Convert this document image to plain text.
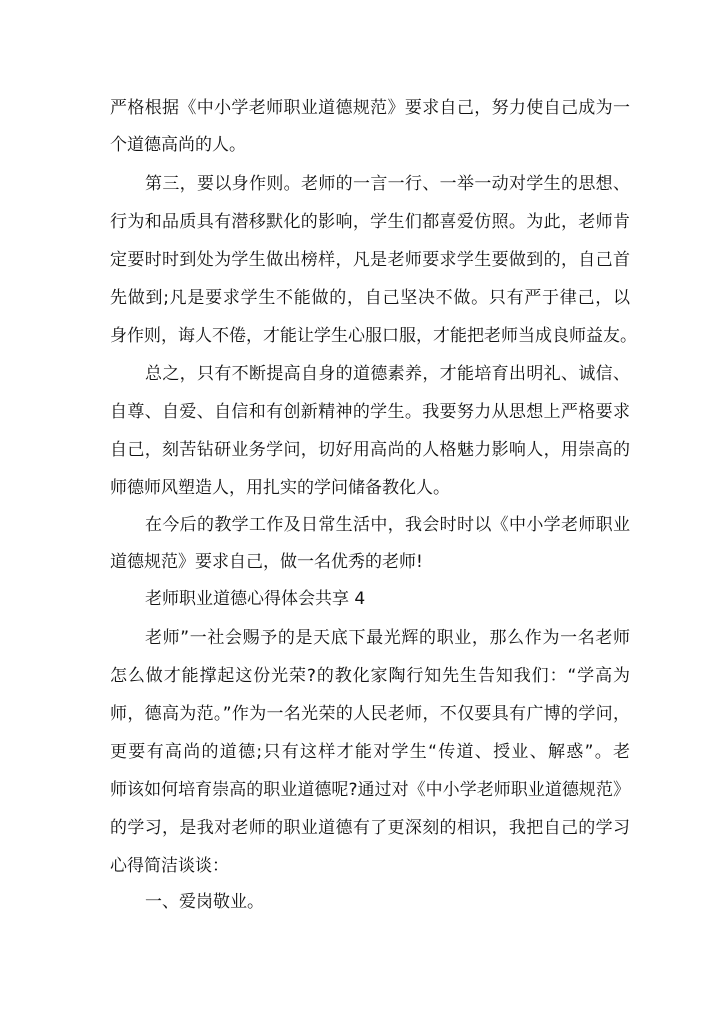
严格根据《中小学老师职业道德规范》要求自己，努力使自己成为一
个道德高尚的人。
第三，要以身作则。老师的一言一行、一举一动对学生的思想、
行为和品质具有潜移默化的影响，学生们都喜爱仿照。为此，老师肯
定要时时到处为学生做出榜样，凡是老师要求学生要做到的，自己首
先做到;凡是要求学生不能做的，自己坚决不做。只有严于律己，以
身作则，诲人不倦，才能让学生心服口服，才能把老师当成良师益友。
总之，只有不断提高自身的道德素养，才能培育出明礼、诚信、
自尊、自爱、自信和有创新精神的学生。我要努力从思想上严格要求
自己，刻苦钻研业务学问，切好用高尚的人格魅力影响人，用崇高的
师德师风塑造人，用扎实的学问储备教化人。
在今后的教学工作及日常生活中，我会时时以《中小学老师职业
道德规范》要求自己，做一名优秀的老师!
老师职业道德心得体会共享 4
老师”一社会赐予的是天底下最光辉的职业，那么作为一名老师
怎么做才能撑起这份光荣?的教化家陶行知先生告知我们：“学高为
师，德高为范。”作为一名光荣的人民老师，不仅要具有广博的学问，
更要有高尚的道德;只有这样才能对学生“传道、授业、解惑”。老
师该如何培育崇高的职业道德呢?通过对《中小学老师职业道德规范》
的学习，是我对老师的职业道德有了更深刻的相识，我把自己的学习
心得简洁谈谈：
一、爱岗敬业。
